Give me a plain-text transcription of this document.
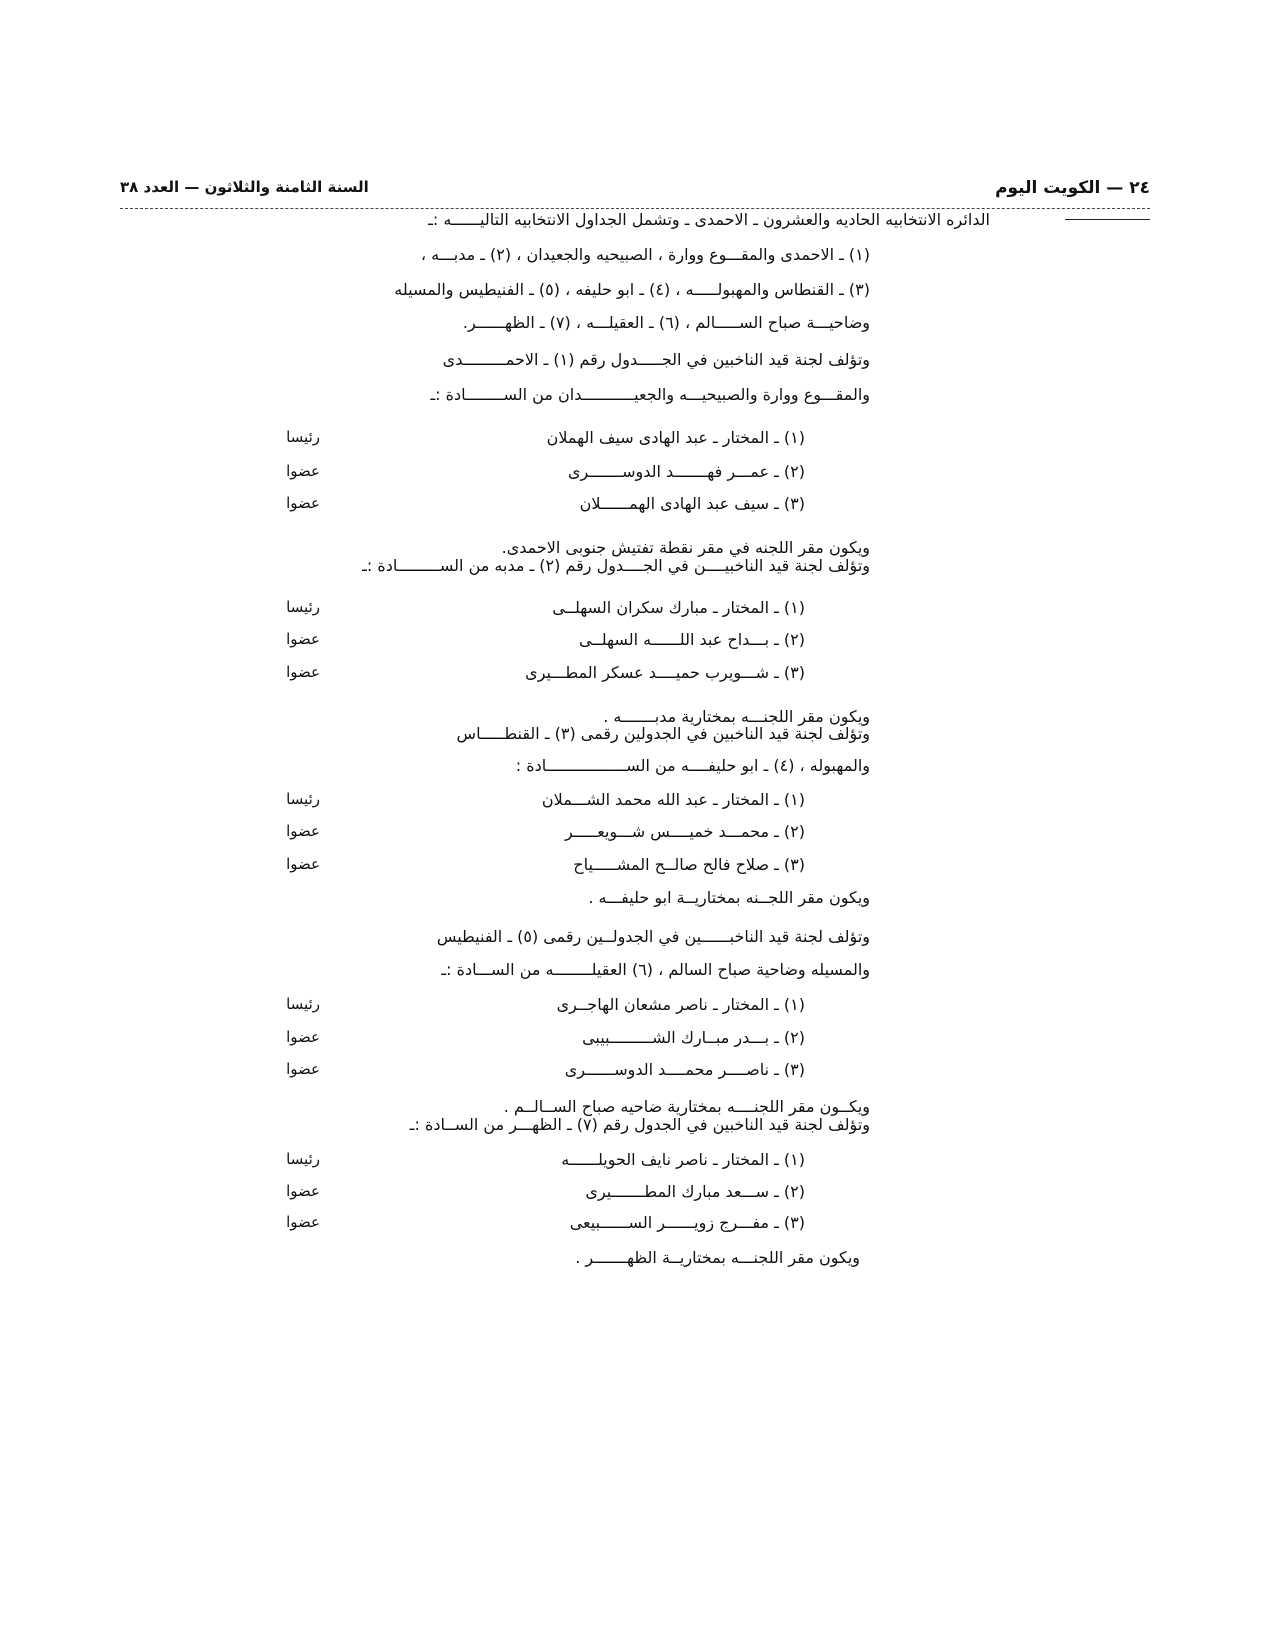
٢٤ — الكويت اليوم
السنة الثامنة والثلاثون — العدد ٣٨
الدائره الانتخابيه الحاديه والعشرون ـ الاحمدى ـ وتشمل الجداول الانتخابيه التاليــــــه :ـ
(١) ـ الاحمدى والمقـــوع ووارة ، الصبيحيه والجعيدان ، (٢) ـ مدبـــه ،
(٣) ـ القنطاس والمهبولـــــه ، (٤) ـ ابو حليفه ، (٥) ـ الفنيطيس والمسيله
وضاحيـــة صباح الســـــالم ، (٦) ـ العقيلـــه ، (٧) ـ الظهــــــر.
وتؤلف لجنة قيد الناخبين في الجـــــدول رقم (١) ـ الاحمـــــــــدى
والمقـــوع ووارة والصبيحيـــه والجعيـــــــــــدان من الســــــــادة :ـ
(١) ـ المختار ـ عبد الهادى سيف الهملان
رئيسا
(٢) ـ عمـــر فهـــــــد الدوســـــــرى
عضوا
(٣) ـ سيف عبد الهادى الهمــــــلان
عضوا
ويكون مقر اللجنه في مقر نقطة تفتيش جنوبى الاحمدى.
وتؤلف لجنة قيد الناخبيــــن في الجــــدول رقم (٢) ـ مدبه من الســـــــــادة :ـ
(١) ـ المختار ـ مبارك سكران السهلــى
رئيسا
(٢) ـ بـــداح عبد اللــــــه السهلــى
عضوا
(٣) ـ شـــويرب حميــــد عسكر المطـــيرى
عضوا
ويكون مقر اللجنـــه بمختارية مدبـــــــه .
وتؤلف لجنة قيد الناخبين في الجدولين رقمى (٣) ـ القنطـــــاس
والمهبوله ، (٤) ـ ابو حليفــــه من الســـــــــــــــــادة :
(١) ـ المختار ـ عبد الله محمد الشـــملان
رئيسا
(٢) ـ محمـــد خميــــس شـــويعـــــر
عضوا
(٣) ـ صلاح فالح صالــح المشـــــياح
عضوا
ويكون مقر اللجــنه بمختاريــة ابو حليفـــه .
وتؤلف لجنة قيد الناخبــــــين في الجدولــين رقمى (٥) ـ الفنيطيس
والمسيله وضاحية صباح السالم ، (٦) العقيلــــــــه من الســـادة :ـ
(١) ـ المختار ـ ناصر مشعان الهاجــرى
رئيسا
(٢) ـ بـــدر مبــارك الشـــــــــبيبى
عضوا
(٣) ـ ناصــــر محمــــد الدوســــــرى
عضوا
ويكــون مقر اللجنــــه بمختارية ضاحيه صباح الســالــم .
وتؤلف لجنة قيد الناخبين في الجدول رقم (٧) ـ الظهـــر من الســادة :ـ
(١) ـ المختار ـ ناصر نايف الحويلــــــه
رئيسا
(٢) ـ ســـعد مبارك المطـــــــيرى
عضوا
(٣) ـ مفـــرج زويــــــر الســــــبيعى
عضوا
ويكون مقر اللجنـــه بمختاريــة الظهـــــــر .
